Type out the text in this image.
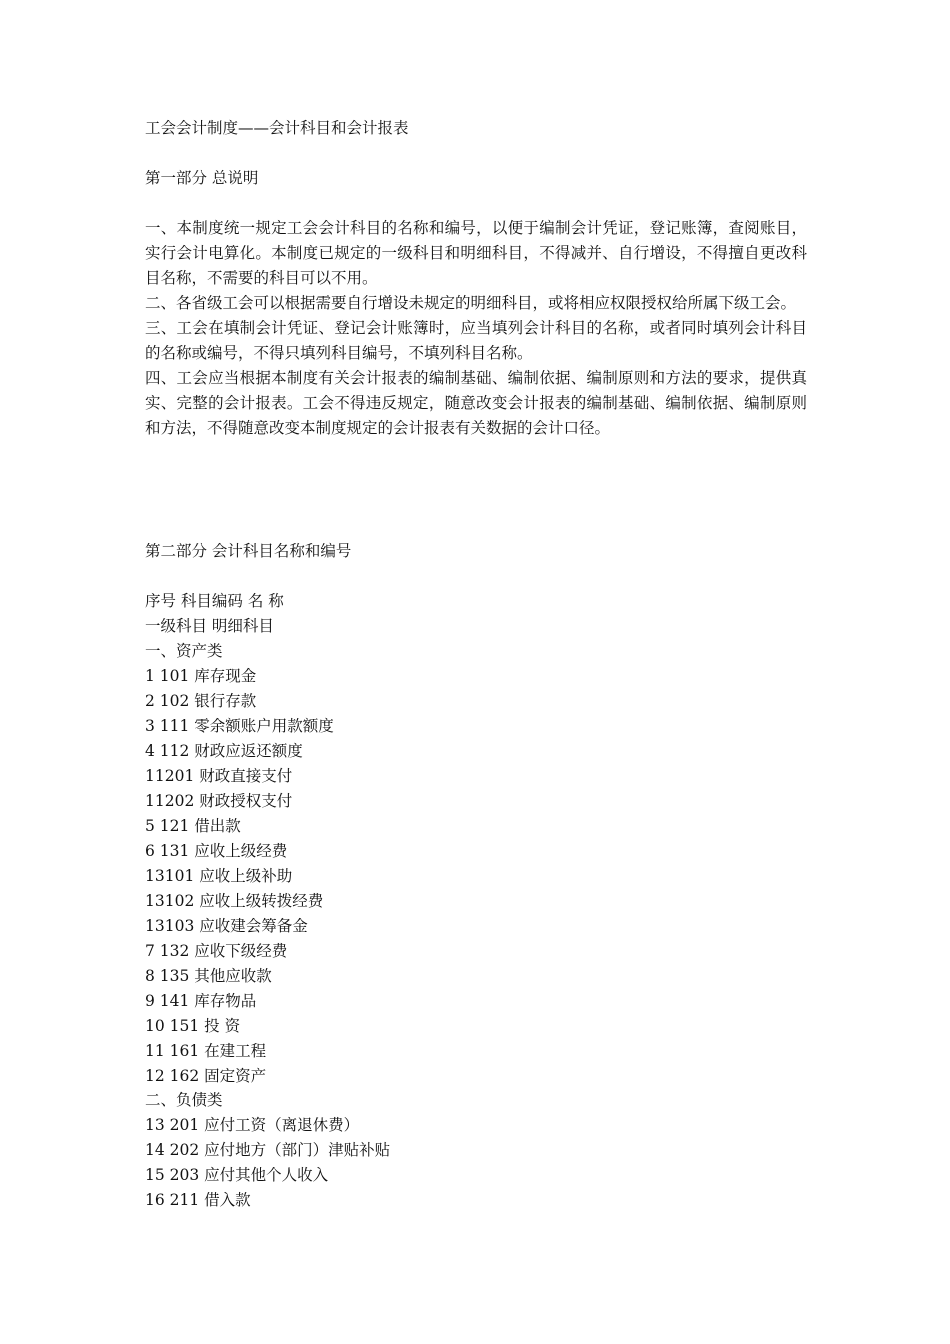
工会会计制度——会计科目和会计报表
第一部分 总说明

一、本制度统一规定工会会计科目的名称和编号，以便于编制会计凭证，登记账簿，查阅账目，实行会计电算化。本制度已规定的一级科目和明细科目，不得减并、自行增设，不得擅自更改科目名称，不需要的科目可以不用。

二、各省级工会可以根据需要自行增设未规定的明细科目，或将相应权限授权给所属下级工会。

三、工会在填制会计凭证、登记会计账簿时，应当填列会计科目的名称，或者同时填列会计科目的名称或编号，不得只填列科目编号，不填列科目名称。

四、工会应当根据本制度有关会计报表的编制基础、编制依据、编制原则和方法的要求，提供真实、完整的会计报表。工会不得违反规定，随意改变会计报表的编制基础、编制依据、编制原则和方法，不得随意改变本制度规定的会计报表有关数据的会计口径。

第二部分 会计科目名称和编号
序号 科目编码 名 称
一级科目 明细科目
一、资产类
1 101 库存现金
2 102 银行存款
3 111 零余额账户用款额度
4 112 财政应返还额度
11201 财政直接支付
11202 财政授权支付
5 121 借出款
6 131 应收上级经费
13101 应收上级补助
13102 应收上级转拨经费
13103 应收建会筹备金
7 132 应收下级经费
8 135 其他应收款
9 141 库存物品
10 151 投 资
11 161 在建工程
12 162 固定资产
二、负债类
13 201 应付工资（离退休费）
14 202 应付地方（部门）津贴补贴
15 203 应付其他个人收入
16 211 借入款
